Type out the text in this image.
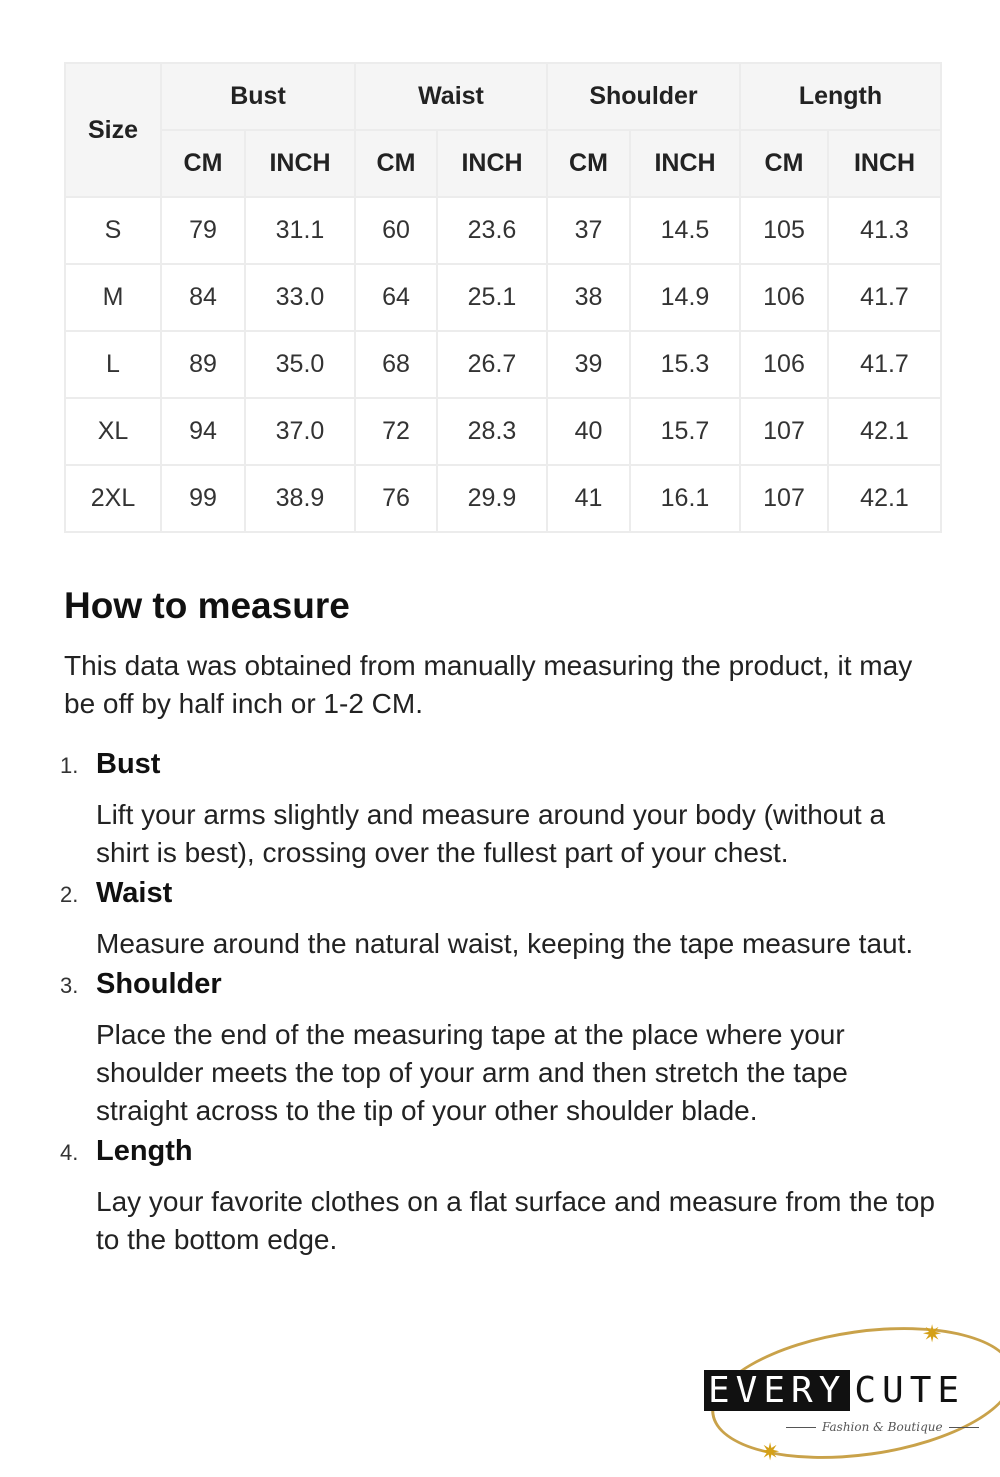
Size	Bust		Waist		Shoulder		Length	
	CM	INCH	CM	INCH	CM	INCH	CM	INCH
S	79	31.1	60	23.6	37	14.5	105	41.3
M	84	33.0	64	25.1	38	14.9	106	41.7
L	89	35.0	68	26.7	39	15.3	106	41.7
XL	94	37.0	72	28.3	40	15.7	107	42.1
2XL	99	38.9	76	29.9	41	16.1	107	42.1
How to measure

This data was obtained from manually measuring the product, it may be off by half inch or 1-2 CM.

1. Bust

Lift your arms slightly and measure around your body (without a shirt is best), crossing over the fullest part of your chest.

2. Waist

Measure around the natural waist, keeping the tape measure taut.

3. Shoulder

Place the end of the measuring tape at the place where your shoulder meets the top of your arm and then stretch the tape straight across to the tip of your other shoulder blade.

4. Length

Lay your favorite clothes on a flat surface and measure from the top to the bottom edge.

✷
✷
EVERY CUTE
Fashion & Boutique
